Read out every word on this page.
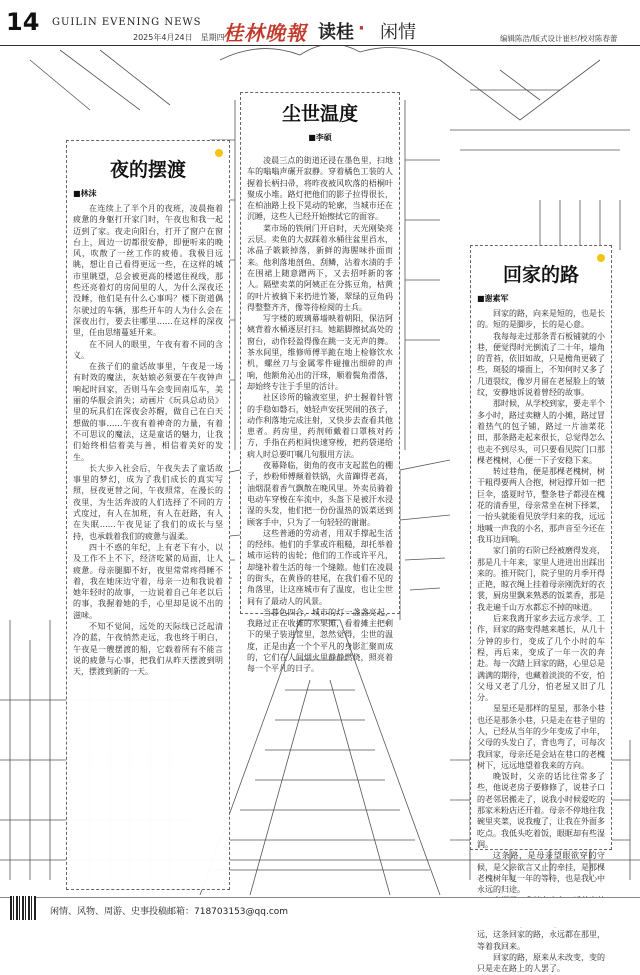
14 GUILIN EVENING NEWS
2025年4月24日　星期四
桂林晚報 读桂 · 闲情	编辑陈浩/版式设计崔杉/校对陈春蕾
夜的摆渡
■林沫

在连续上了半个月的夜班，凌晨拖着疲惫的身躯打开家门时，午夜也和我一起迈到了家。夜走向阳台，打开了窗户在窗台上，周边一切都很安静，即便听来的晚风，吹散了一丝工作的疲倦。我极目远眺，想让自己看得更远一些，在这样的城市里眺望，总会被更高的楼遮住视线，那些还亮着灯的房间里的人，为什么深夜还没睡，他们是有什么心事吗？楼下街道偶尔驶过的车辆，那些开车的人为什么会在深夜出行，要去往哪里……在这样的深夜里，任由思绪蔓延开来。

在不同人的眼里，午夜有着不同的含义。

在孩子们的童话故事里，午夜是一场有时效的魔法，灰姑娘必须要在午夜钟声响起时回家，否则马车会变回南瓜车，美丽的华服会消失；动画片《玩具总动员》里的玩具们在深夜会苏醒，做自己在白天想做的事……午夜有着神奇的力量，有着不可思议的魔法，这是童话的魅力，让我们始终相信着美与善，相信着美好的发生。

长大步入社会后，午夜失去了童话故事里的梦幻，成为了我们成长的真实写照，昼夜更替之间，午夜照常，在漫长的夜里，为生活奔波的人们选择了不同的方式度过，有人在加班，有人在赶路，有人在失眠……午夜见证了我们的成长与坚持，也承载着我们的疲惫与温柔。

四十不惑的年纪，上有老下有小，以及工作不上不下，经济吃紧的局面，让人疲惫。母亲腿脚不好，夜里常常疼得睡不着，我在她床边守着，母亲一边和我说着她年轻时的故事，一边说着自己年老以后的事，我握着她的手，心里却是说不出的滋味。

不知不觉间，远处的天际线已泛起清冷的蓝，午夜悄然走远，我也终于明白，午夜是一艘摆渡的船，它载着所有不能言说的疲惫与心事，把我们从昨天摆渡到明天，摆渡到新的一天。

尘世温度
■李硕

凌晨三点的街道还浸在墨色里，扫地车的嗡嗡声碾开寂静。穿着橘色工装的人握着长柄扫帚，将昨夜被风吹落的梧桐叶聚成小堆。路灯把他们的影子拉得很长，在柏油路上投下晃动的轮廓，当城市还在沉睡，这些人已经开始擦拭它的面容。

菜市场的铁闸门开启时，天光刚染亮云层。卖鱼的大叔踩着水桶往盆里舀水，冰晶子簌簌掉落，新鲜的海腥味扑面而来。他利落地剖鱼、刮鳞，沾着水渍的手在围裙上随意蹭两下，又去招呼新的客人。隔壁卖菜的阿姨正在分拣豆角，枯黄的叶片被摘下来扔进竹篓，翠绿的豆角码得整整齐齐，像等待检阅的士兵。

写字楼的玻璃幕墙映着朝阳，保洁阿姨背着水桶逐层打扫。她踮脚擦拭高处的窗台，动作轻盈得像在跳一支无声的舞。茶水间里，维修师傅半跪在地上检修饮水机，螺丝刀与金属零件碰撞出细碎的声响，他额角沁出的汗珠，顺着鬓角滑落，却始终专注于手里的活计。

社区诊所的输液室里，护士握着针管的手稳如磐石，她轻声安抚哭闹的孩子，动作利落地完成注射，又快步去查看其他患者。药房里，药剂师戴着口罩核对药方，手指在药柜间快速穿梭，把药袋递给病人时总要叮嘱几句服用方法。

夜幕降临，街角的夜市支起蓝色的棚子，炒粉师傅颠着铁锅，火苗蹿得老高，油烟混着香气飘散在晚风里。外卖员骑着电动车穿梭在车流中，头盔下是被汗水浸湿的头发，他们把一份份温热的饭菜送到顾客手中，只为了一句轻轻的谢谢。

这些普通的劳动者，用双手撑起生活的经纬。他们的手掌或许粗糙，却托举着城市运转的齿轮；他们的工作或许平凡，却缝补着生活的每一个缝隙。他们在凌晨的街头，在黄昏的巷尾，在我们看不见的角落里，让这座城市有了温度，也让尘世间有了最动人的风景。

当暮色四合，城市的灯一盏盏亮起，我路过正在收摊的水果摊，看着摊主把剩下的果子装进筐里，忽然觉得，尘世的温度，正是由这一个个平凡的身影汇聚而成的，它们在人间烟火里静静燃烧，照亮着每一个平凡的日子。

回家的路
■谢素军

回家的路，向来是短的，也是长的。短的是脚步，长的是心意。

我每每走过那条青石板铺就的小巷，便觉得时光倒流了二十年，墙角的青苔，依旧如故，只是檐角更破了些，斑驳的墙面上，不知何时又多了几道裂纹，像岁月留在老屋脸上的皱纹，安静地诉说着曾经的故事。

那时候，从学校到家，要走半个多小时，路过卖糖人的小摊，路过冒着热气的包子铺，路过一片油菜花田，那条路走起来很长，总觉得怎么也走不到尽头，可只要看见院门口那棵老槐树，心便一下子安稳下来。

转过巷角，便是那棵老槐树，树干粗得要两人合抱，树冠撑开如一把巨伞，盛夏时节，整条巷子都浸在槐花的清香里，母亲常坐在树下择菜，一抬头就能看见放学归来的我，远远地喊一声我的小名，那声音至今还在我耳边回响。

家门前的石阶已经被磨得发亮，那是几十年来，家里人进进出出踩出来的。推开院门，院子里的月季开得正艳，晾衣绳上挂着母亲刚洗好的衣裳，厨房里飘来熟悉的饭菜香，那是我走遍千山万水都忘不掉的味道。

后来我离开家乡去远方求学、工作，回家的路变得越来越长，从几十分钟的步行，变成了几个小时的车程，再后来，变成了一年一次的奔赴。每一次踏上回家的路，心里总是满满的期待，也藏着淡淡的不安，怕父母又老了几分，怕老屋又旧了几分。

星星还是那样的星星，那条小巷也还是那条小巷，只是走在巷子里的人，已经从当年的少年变成了中年，父母的头发白了，背也弯了，可每次我回家，母亲还是会站在巷口的老槐树下，远远地望着我来的方向。

晚饭时，父亲的话比往常多了些，他说老房子要修修了，说巷子口的老邻居搬走了，说我小时候爱吃的那家米粉店还开着。母亲不停地往我碗里夹菜，说我瘦了，让我在外面多吃点。我低头吃着饭，眼眶却有些湿润。

这条路，是母亲望眼欲穿的守候，是父亲欲言又止的牵挂，是那棵老槐树年复一年的等待，也是我心中永远的归途。

远，这条回家的路，永远都在那里，等着我回来。

回家的路，原来从未改变，变的只是走在路上的人罢了。

闲情、风物、周游、史事投稿邮箱：718703153@qq.com
